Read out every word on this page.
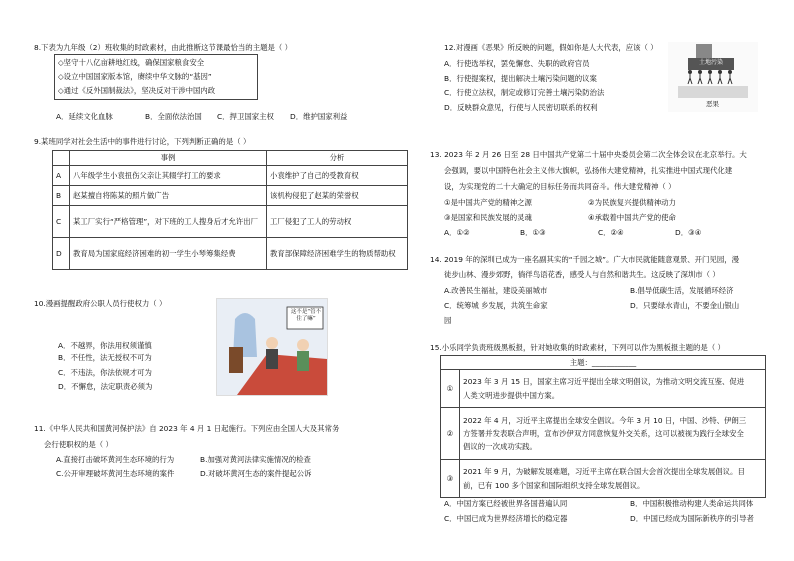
8.下表为九年级（2）班收集的时政素材，由此推断这节课最恰当的主题是（ ）
◇坚守十八亿亩耕地红线，确保国家粮食安全
◇设立中国国家版本馆，赓续中华文脉的“基因”
◇通过《反外国制裁法》，坚决反对干涉中国内政
A．延续文化血脉	B．全面依法治国 C．捍卫国家主权 D．维护国家利益
9.某班同学对社会生活中的事件进行讨论，下列判断正确的是（ ）
	事例	分析
A	八年级学生小袁扭伤父亲让其辍学打工的要求	小袁维护了自己的受教育权
B	赵某擅自将陈某的照片做广告	该机构侵犯了赵某的荣誉权
C	某工厂实行“严格管理”，对下班的工人搜身后才允许出厂	工厂侵犯了工人的劳动权
D	教育局为国家庭经济困难的初一学生小琴筹集经费	教育部保障经济困难学生的物质帮助权
10.漫画提醒政府公职人员行使权力（ ）
A．不越界，你法用权须谨慎
B．不任性，法无授权不可为
C．不违法，你法依规才可为
D．不懈怠，法定职责必须为
这不是“管不住了嘛”
11.《中华人民共和国黄河保护法》自 2023 年 4 月 1 日起施行。下列应由全国人大及其常务
会行使职权的是（ ）
A.直接打击破坏黄河生态环境的行为	B.加强对黄河法律实施情况的检查
C.公开审理破坏黄河生态环境的案件	D.对破坏黄河生态的案件提起公诉
12.对漫画《恶果》所反映的问题，假如你是人大代表，应该（ ）
A．行使选举权，罢免懈怠、失职的政府官员
B．行使提案权，提出解决土壤污染问题的议案
C．行使立法权，制定或修订完善土壤污染防治法
D．反映群众意见，行使与人民密切联系的权利
土地污染
恶果
13. 2023 年 2 月 26 日至 28 日中国共产党第二十届中央委员会第二次全体会议在北京举行。大
会强调，要以中国特色社会主义伟大旗帜，弘扬伟大建党精神，扎实推进中国式现代化建
设，为实现党的二十大确定的目标任务而共同奋斗。伟大建党精神（ ）
①是中国共产党的精神之源	②为民族复兴提供精神动力
③是国家和民族发展的灵魂	④承载着中国共产党的使命
A．①②	B．①③	C．②④	D．③④
14. 2019 年的深圳已成为一座名副其实的“千园之城”。广大市民就能随意观景、开门见园，漫
徒步山林、漫步郊野，徜徉鸟语花香，感受人与自然和谐共生。这反映了深圳市（ ）
A.改善民生福祉，建设美丽城市	B.倡导低碳生活，发展循环经济
C．统筹城 乡发展，共筑生命家	D．只要绿水青山，不要金山银山
园
15.小乐同学负责班级黑板报，针对她收集的时政素材，下列可以作为黑板报主题的是（ ）
主题：____________	
①	2023 年 3 月 15 日，国家主席习近平提出全球文明倡议，为推动文明交流互鉴、促进
人类文明进步提供中国方案。

②	2022 年 4 月，习近平主席提出全球安全倡议。今年 3 月 10 日，中国、沙特、伊朗三
方签署并发表联合声明，宣布沙伊双方同意恢复外交关系，这可以被视为践行全球安全
倡议的一次成功实践。

③	2021 年 9 月，为破解发展难题，习近平主席在联合国大会首次提出全球发展倡议。目
前，已有 100 多个国家和国际组织支持全球发展倡议。
A．中国方案已经被世界各国普遍认同	B．中国积极推动构建人类命运共同体
C．中国已成为世界经济增长的稳定器	D．中国已经成为国际新秩序的引导者
